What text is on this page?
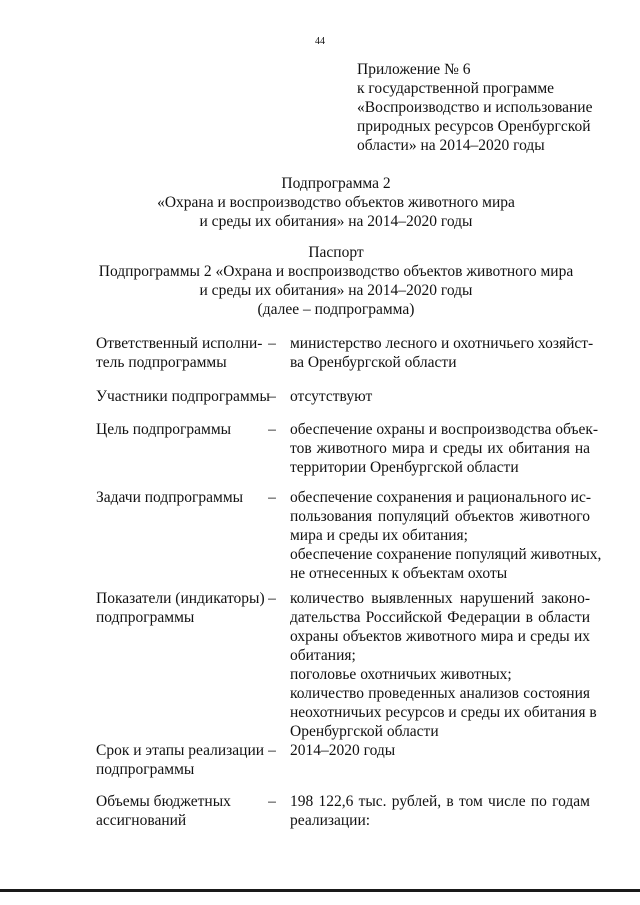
44
Приложение № 6
к государственной программе
«Воспроизводство и использование
природных ресурсов Оренбургской
области» на 2014–2020 годы
Подпрограмма 2
«Охрана и воспроизводство объектов животного мира
и среды их обитания» на 2014–2020 годы
Паспорт
Подпрограммы 2 «Охрана и воспроизводство объектов животного мира
и среды их обитания» на 2014–2020 годы
(далее – подпрограмма)
Ответственный исполни-
тель подпрограммы
– министерство лесного и охотничьего хозяйст-
ва Оренбургской области
Участники подпрограммы
– отсутствуют
Цель подпрограммы	– обеспечение охраны и воспроизводства объек-
тов животного мира и среды их обитания на
территории Оренбургской области
Задачи подпрограммы	– обеспечение сохранения и рационального ис-
пользования популяций объектов животного
мира и среды их обитания;
обеспечение сохранение популяций животных,
не отнесенных к объектам охоты
Показатели (индикаторы)
подпрограммы
– количество выявленных нарушений законо-
дательства Российской Федерации в области
охраны объектов животного мира и среды их
обитания;
поголовье охотничьих животных;
количество проведенных анализов состояния
неохотничьих ресурсов и среды их обитания в
Оренбургской области
Срок и этапы реализации
подпрограммы
– 2014–2020 годы
Объемы бюджетных
ассигнований
– 198 122,6 тыс. рублей, в том числе по годам
реализации:
